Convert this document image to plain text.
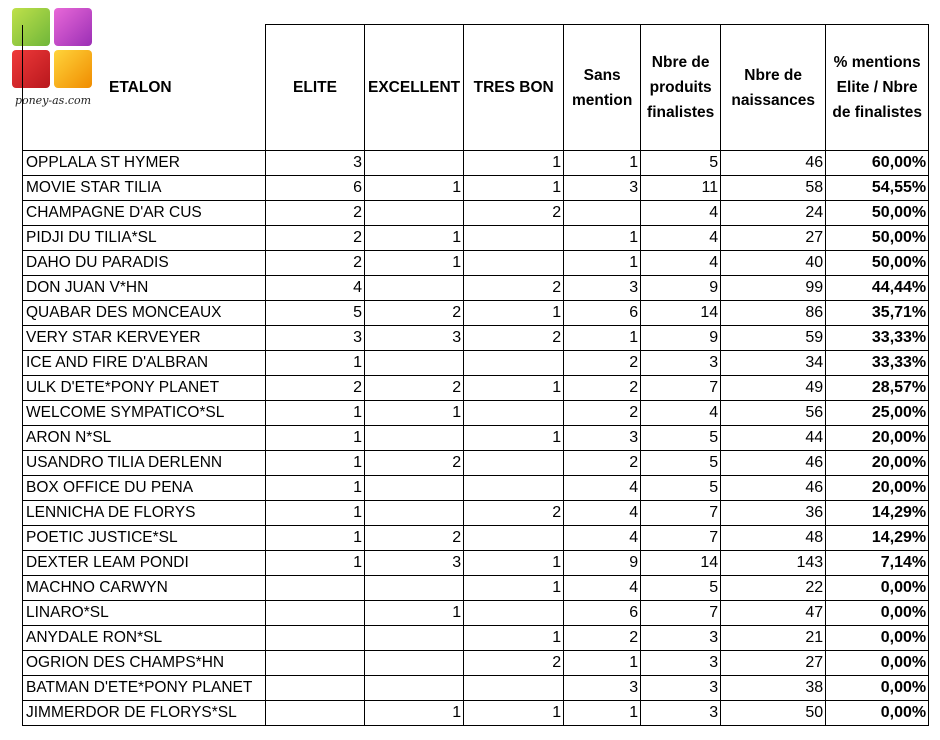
poney-as.com
ETALON	ELITE	EXCELLENT	TRES BON	Sans mention	Nbre de produits finalistes	Nbre de naissances	% mentions Elite / Nbre de finalistes
OPPLALA ST HYMER	3		1	1	5	46	60,00%
MOVIE STAR TILIA	6	1	1	3	11	58	54,55%
CHAMPAGNE D'AR CUS	2		2		4	24	50,00%
PIDJI DU TILIA*SL	2	1		1	4	27	50,00%
DAHO DU PARADIS	2	1		1	4	40	50,00%
DON JUAN V*HN	4		2	3	9	99	44,44%
QUABAR DES MONCEAUX	5	2	1	6	14	86	35,71%
VERY STAR KERVEYER	3	3	2	1	9	59	33,33%
ICE AND FIRE D'ALBRAN	1			2	3	34	33,33%
ULK D'ETE*PONY PLANET	2	2	1	2	7	49	28,57%
WELCOME SYMPATICO*SL	1	1		2	4	56	25,00%
ARON N*SL	1		1	3	5	44	20,00%
USANDRO TILIA DERLENN	1	2		2	5	46	20,00%
BOX OFFICE DU PENA	1			4	5	46	20,00%
LENNICHA DE FLORYS	1		2	4	7	36	14,29%
POETIC JUSTICE*SL	1	2		4	7	48	14,29%
DEXTER LEAM PONDI	1	3	1	9	14	143	7,14%
MACHNO CARWYN			1	4	5	22	0,00%
LINARO*SL		1		6	7	47	0,00%
ANYDALE RON*SL			1	2	3	21	0,00%
OGRION DES CHAMPS*HN			2	1	3	27	0,00%
BATMAN D'ETE*PONY PLANET				3	3	38	0,00%
JIMMERDOR DE FLORYS*SL		1	1	1	3	50	0,00%
